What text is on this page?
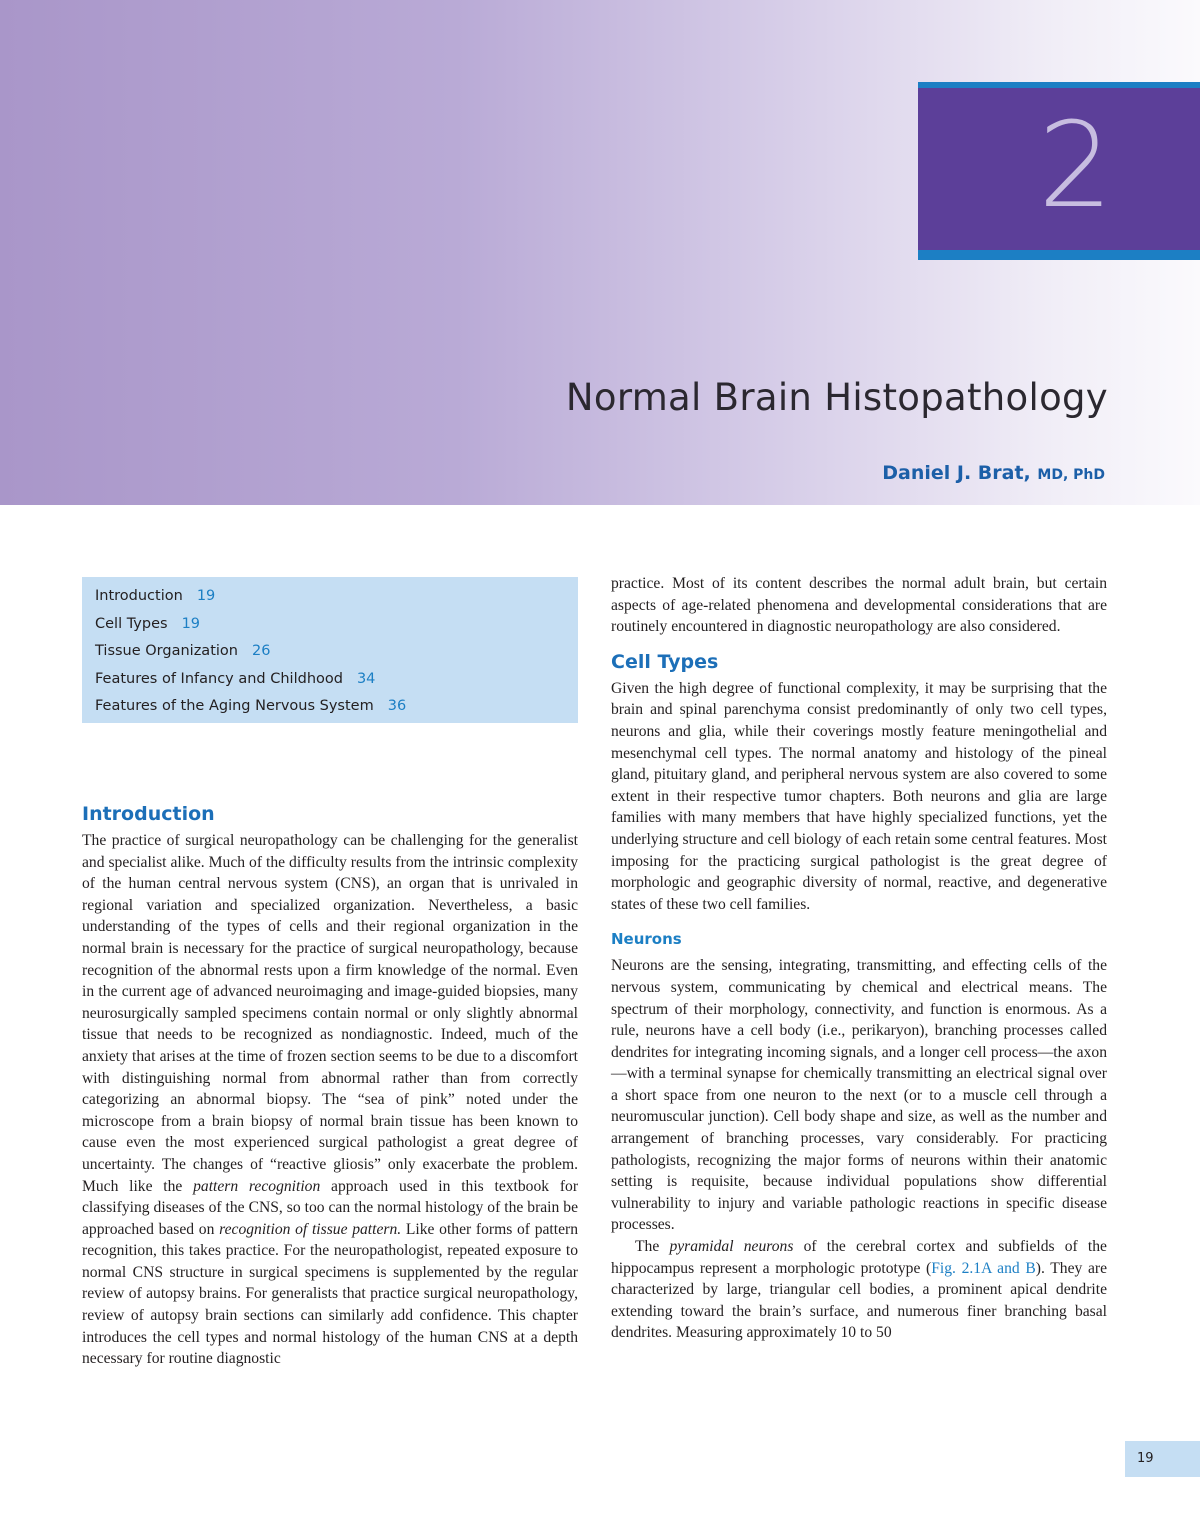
2
Normal Brain Histopathology
Daniel J. Brat, MD, PhD
Introduction 19
Cell Types 19
Tissue Organization 26
Features of Infancy and Childhood 34
Features of the Aging Nervous System 36
Introduction

The practice of surgical neuropathology can be challenging for the generalist and specialist alike. Much of the difficulty results from the intrinsic complexity of the human central nervous system (CNS), an organ that is unrivaled in regional variation and specialized organization. Nevertheless, a basic understanding of the types of cells and their regional organization in the normal brain is necessary for the practice of surgical neuropathology, because recognition of the abnormal rests upon a firm knowledge of the normal. Even in the current age of advanced neuroimaging and image-guided biopsies, many neurosurgically sampled specimens contain normal or only slightly abnormal tissue that needs to be recognized as nondiagnostic. Indeed, much of the anxiety that arises at the time of frozen section seems to be due to a discomfort with distinguishing normal from abnormal rather than from correctly categorizing an abnormal biopsy. The “sea of pink” noted under the microscope from a brain biopsy of normal brain tissue has been known to cause even the most experienced surgical pathologist a great degree of uncertainty. The changes of “reactive gliosis” only exacerbate the problem. Much like the pattern recognition approach used in this textbook for classifying diseases of the CNS, so too can the normal histology of the brain be approached based on recognition of tissue pattern. Like other forms of pattern recognition, this takes practice. For the neuropathologist, repeated exposure to normal CNS structure in surgical specimens is supplemented by the regular review of autopsy brains. For generalists that practice surgical neuropathology, review of autopsy brain sections can similarly add confidence. This chapter introduces the cell types and normal histology of the human CNS at a depth necessary for routine diagnostic

practice. Most of its content describes the normal adult brain, but certain aspects of age-related phenomena and developmental considerations that are routinely encountered in diagnostic neuropathology are also considered.

Cell Types

Given the high degree of functional complexity, it may be surprising that the brain and spinal parenchyma consist predominantly of only two cell types, neurons and glia, while their coverings mostly feature meningothelial and mesenchymal cell types. The normal anatomy and histology of the pineal gland, pituitary gland, and peripheral nervous system are also covered to some extent in their respective tumor chapters. Both neurons and glia are large families with many members that have highly specialized functions, yet the underlying structure and cell biology of each retain some central features. Most imposing for the practicing surgical pathologist is the great degree of morphologic and geographic diversity of normal, reactive, and degenerative states of these two cell families.

Neurons

Neurons are the sensing, integrating, transmitting, and effecting cells of the nervous system, communicating by chemical and electrical means. The spectrum of their morphology, connectivity, and function is enormous. As a rule, neurons have a cell body (i.e., perikaryon), branching processes called dendrites for integrating incoming signals, and a longer cell process—the axon—with a terminal synapse for chemically transmitting an electrical signal over a short space from one neuron to the next (or to a muscle cell through a neuromuscular junction). Cell body shape and size, as well as the number and arrangement of branching processes, vary considerably. For practicing pathologists, recognizing the major forms of neurons within their anatomic setting is requisite, because individual populations show differential vulnerability to injury and variable pathologic reactions in specific disease processes.

The pyramidal neurons of the cerebral cortex and subfields of the hippocampus represent a morphologic prototype (Fig. 2.1A and B). They are characterized by large, triangular cell bodies, a prominent apical dendrite extending toward the brain’s surface, and numerous finer branching basal dendrites. Measuring approximately 10 to 50

19
